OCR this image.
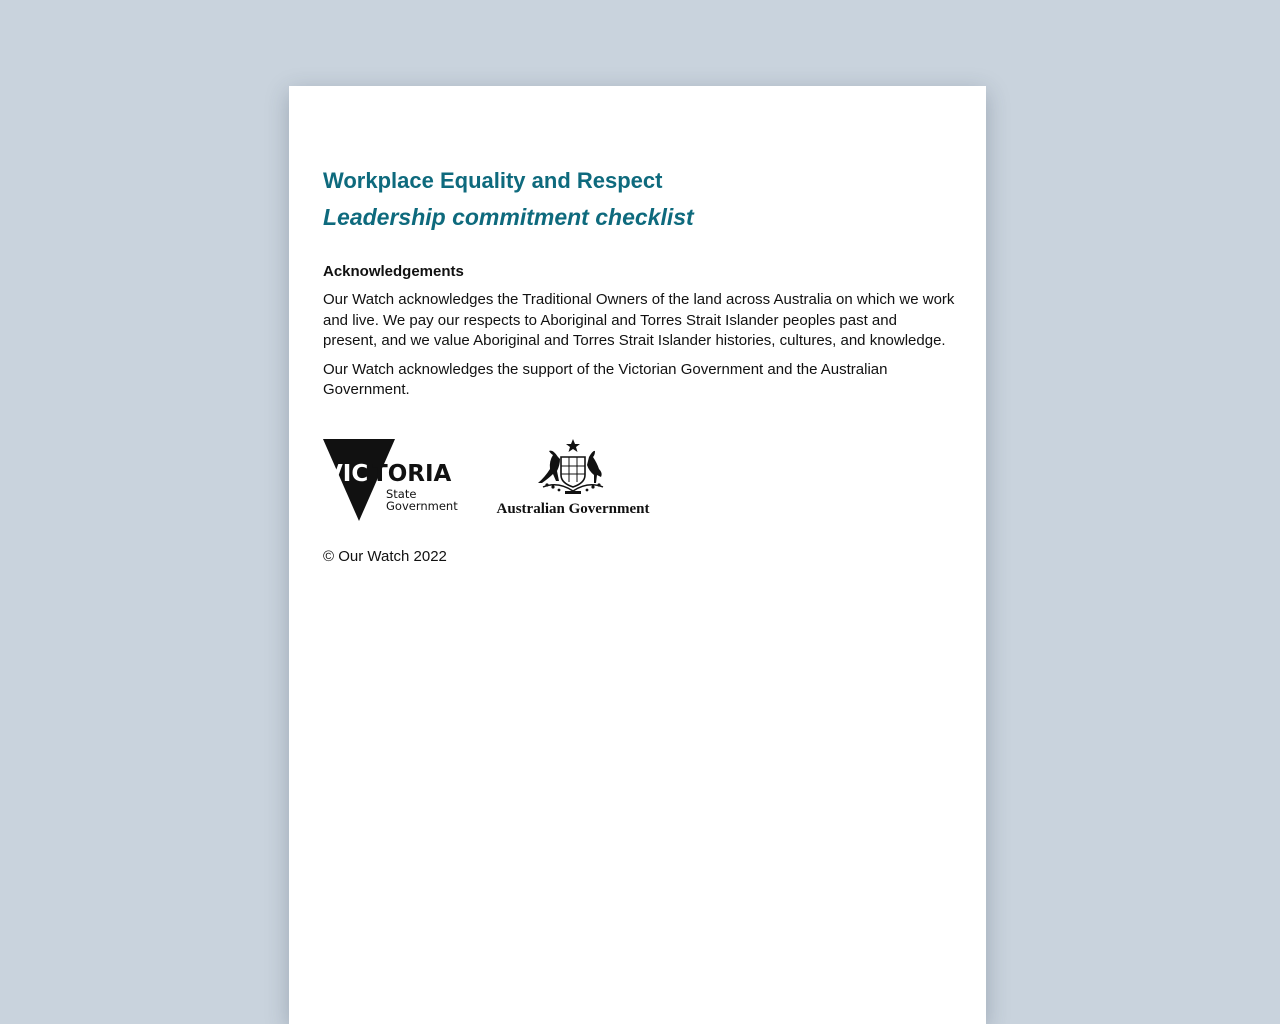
Workplace Equality and Respect
Leadership commitment checklist
Acknowledgements

Our Watch acknowledges the Traditional Owners of the land across Australia on which we work and live. We pay our respects to Aboriginal and Torres Strait Islander peoples past and present, and we value Aboriginal and Torres Strait Islander histories, cultures, and knowledge.

Our Watch acknowledges the support of the Victorian Government and the Australian Government.

VIC TORIA
State
Government	Australian Government
© Our Watch 2022
